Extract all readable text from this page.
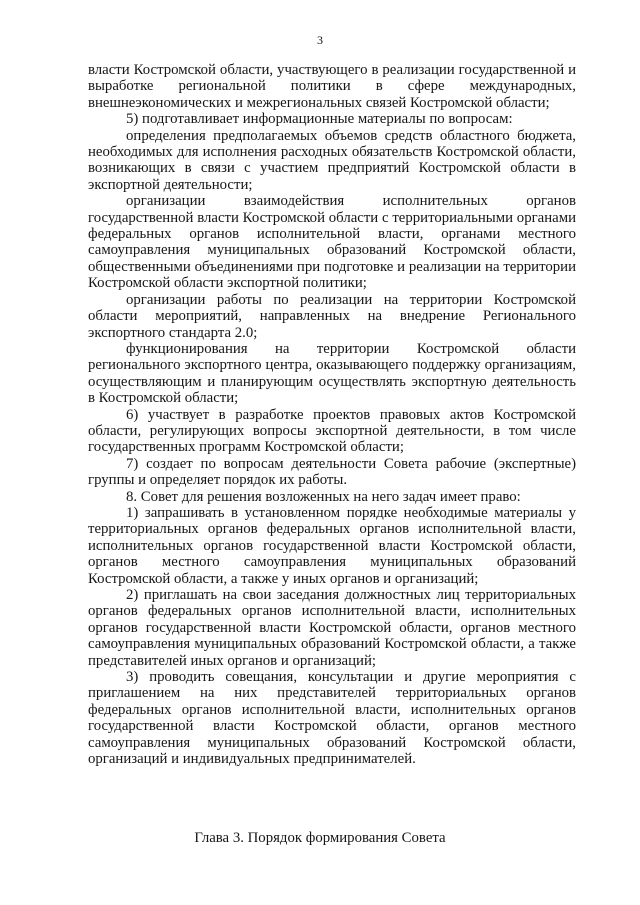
3

власти Костромской области, участвующего в реализации государственной и выработке региональной политики в сфере международных, внешнеэкономических и межрегиональных связей Костромской области;

5) подготавливает информационные материалы по вопросам:

определения предполагаемых объемов средств областного бюджета, необходимых для исполнения расходных обязательств Костромской области, возникающих в связи с участием предприятий Костромской области в экспортной деятельности;

организации взаимодействия исполнительных органов государственной власти Костромской области с территориальными органами федеральных органов исполнительной власти, органами местного самоуправления муниципальных образований Костромской области, общественными объединениями при подготовке и реализации на территории Костромской области экспортной политики;

организации работы по реализации на территории Костромской области мероприятий, направленных на внедрение Регионального экспортного стандарта 2.0;

функционирования на территории Костромской области регионального экспортного центра, оказывающего поддержку организациям, осуществляющим и планирующим осуществлять экспортную деятельность в Костромской области;

6) участвует в разработке проектов правовых актов Костромской области, регулирующих вопросы экспортной деятельности, в том числе государственных программ Костромской области;

7) создает по вопросам деятельности Совета рабочие (экспертные) группы и определяет порядок их работы.

8. Совет для решения возложенных на него задач имеет право:

1) запрашивать в установленном порядке необходимые материалы у территориальных органов федеральных органов исполнительной власти, исполнительных органов государственной власти Костромской области, органов местного самоуправления муниципальных образований Костромской области, а также у иных органов и организаций;

2) приглашать на свои заседания должностных лиц территориальных органов федеральных органов исполнительной власти, исполнительных органов государственной власти Костромской области, органов местного самоуправления муниципальных образований Костромской области, а также представителей иных органов и организаций;

3) проводить совещания, консультации и другие мероприятия с приглашением на них представителей территориальных органов федеральных органов исполнительной власти, исполнительных органов государственной власти Костромской области, органов местного самоуправления муниципальных образований Костромской области, организаций и индивидуальных предпринимателей.

Глава 3. Порядок формирования Совета
